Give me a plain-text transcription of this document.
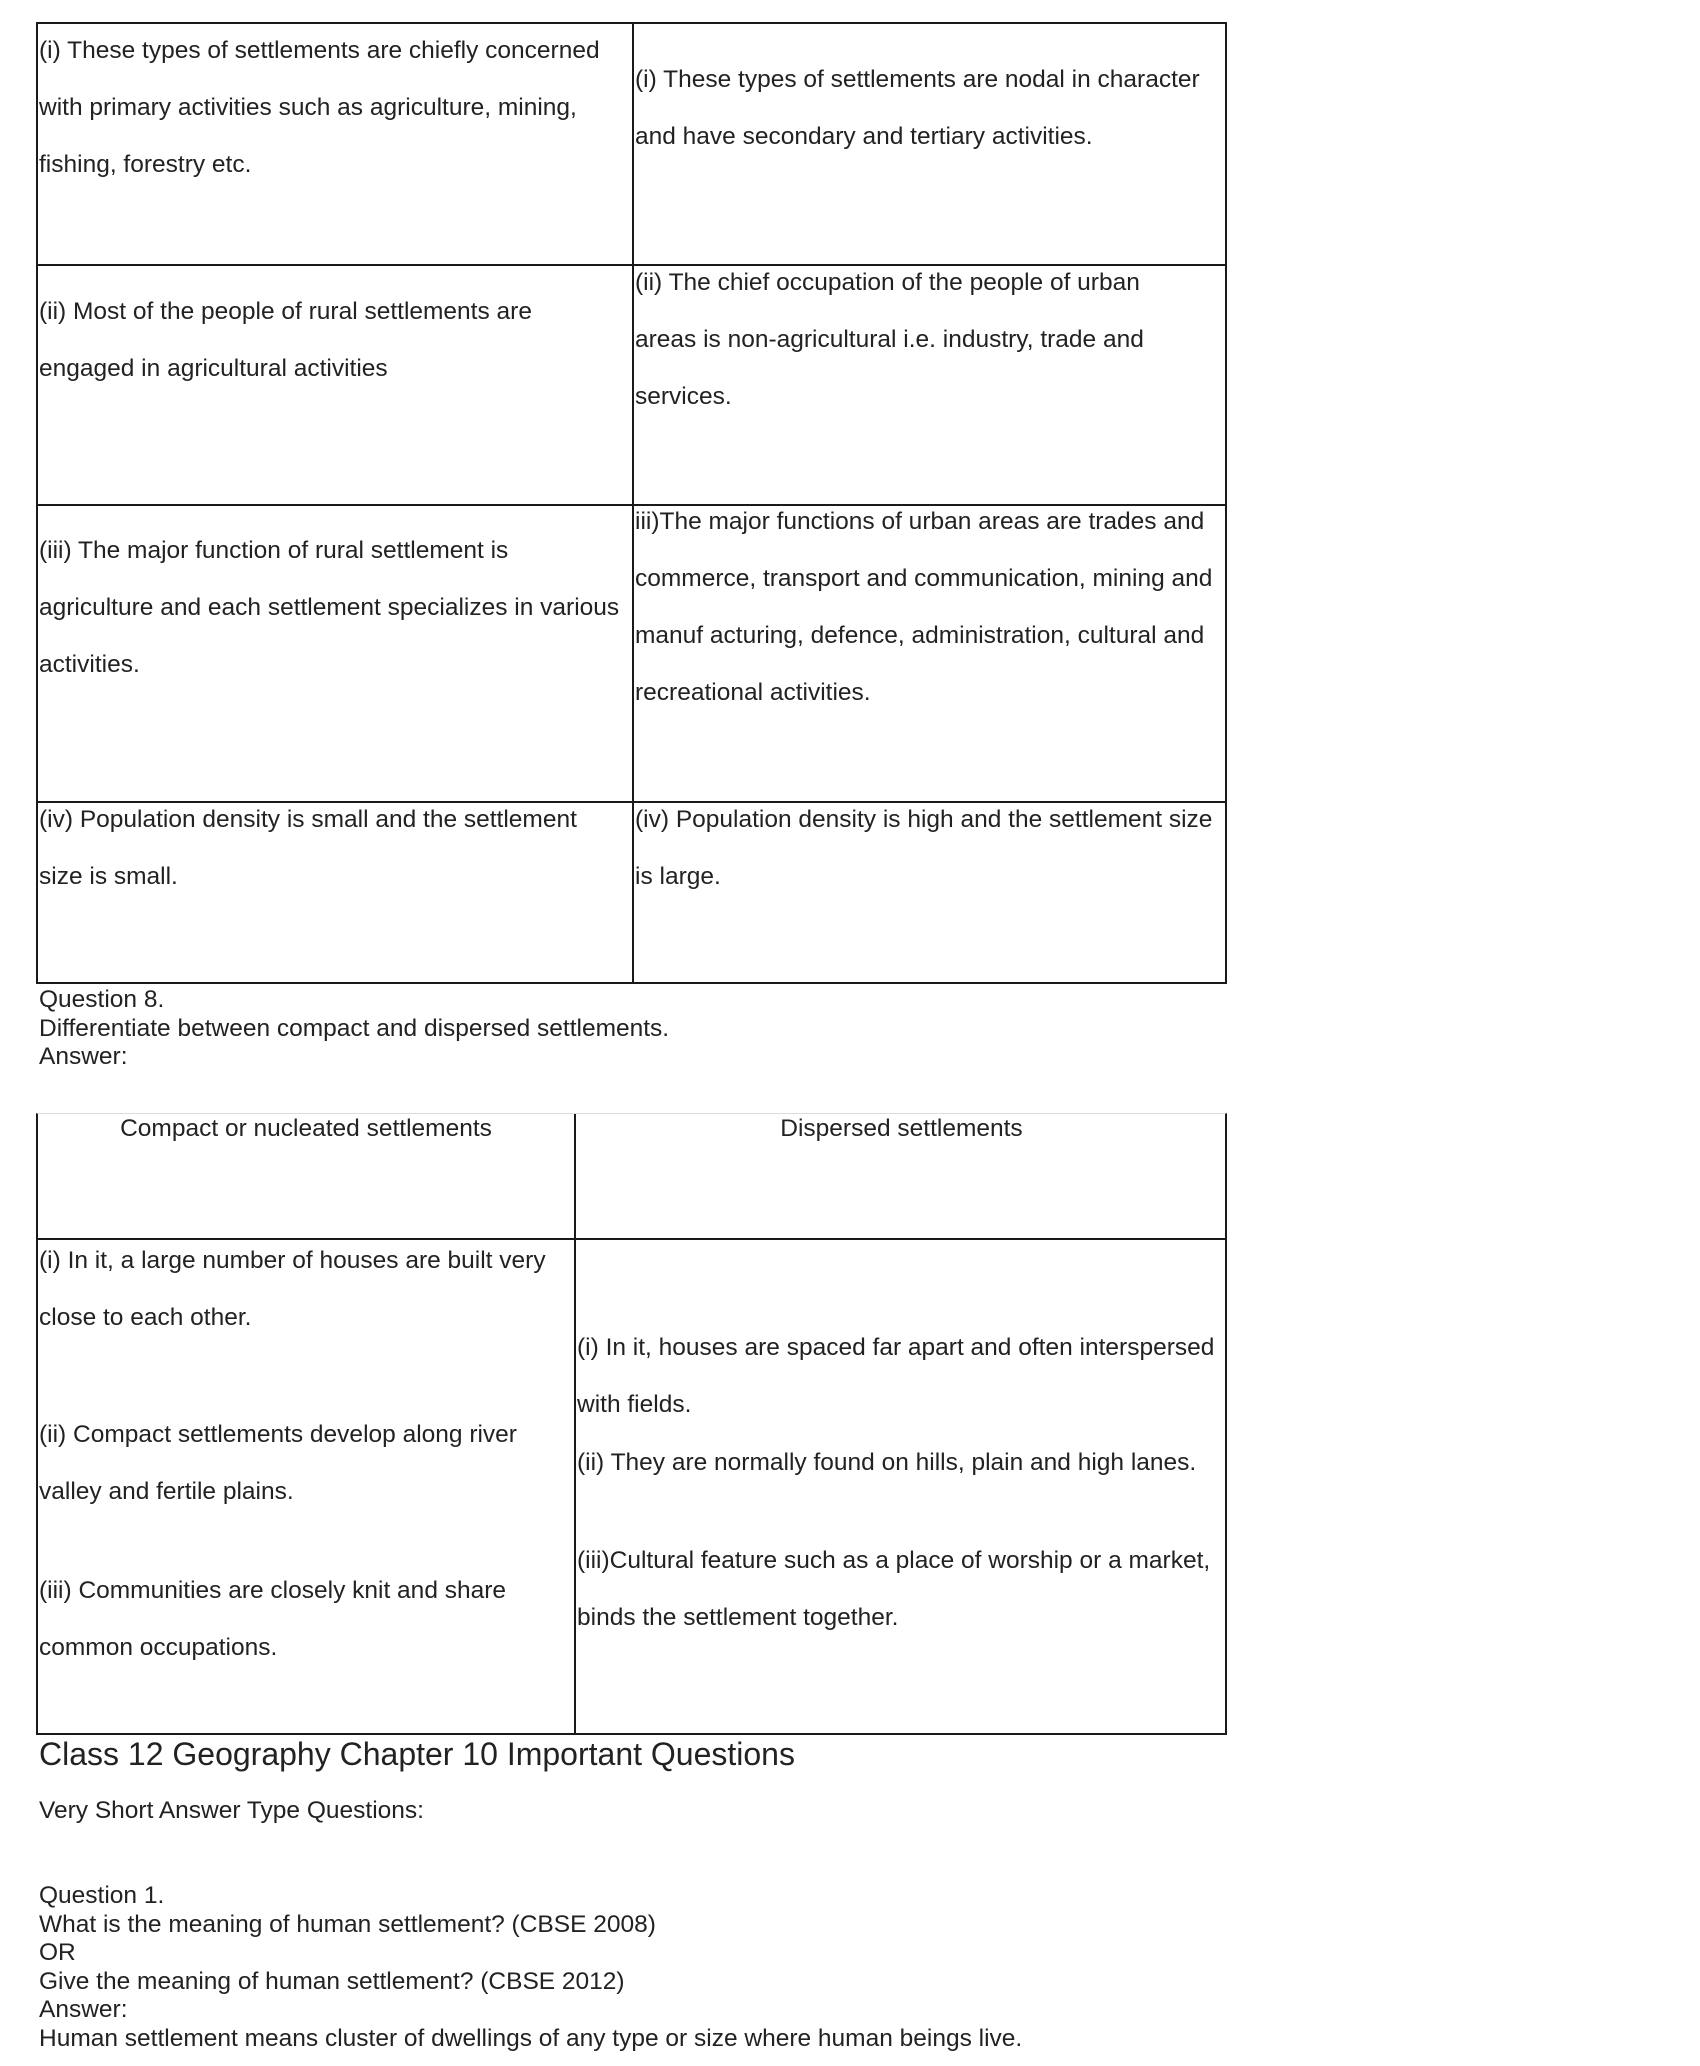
(i) These types of settlements are chiefly concerned
with primary activities such as agriculture, mining,
fishing, forestry etc.
(i) These types of settlements are nodal in character
and have secondary and tertiary activities.
(ii) Most of the people of rural settlements are
engaged in agricultural activities
(ii) The chief occupation of the people of urban
areas is non-agricultural i.e. industry, trade and
services.
(iii) The major function of rural settlement is
agriculture and each settlement specializes in various
activities.
iii)The major functions of urban areas are trades and
commerce, transport and communication, mining and
manuf acturing, defence, administration, cultural and
recreational activities.
(iv) Population density is small and the settlement
size is small.
(iv) Population density is high and the settlement size
is large.
Question 8.
Differentiate between compact and dispersed settlements.
Answer:
Compact or nucleated settlements	Dispersed settlements
(i) In it, a large number of houses are built very
close to each other.
(ii) Compact settlements develop along river
valley and fertile plains.
(iii) Communities are closely knit and share
common occupations.
(i) In it, houses are spaced far apart and often interspersed
with fields.
(ii) They are normally found on hills, plain and high lanes.
(iii)Cultural feature such as a place of worship or a market,
binds the settlement together.
Class 12 Geography Chapter 10 Important Questions
Very Short Answer Type Questions:
Question 1.
What is the meaning of human settlement? (CBSE 2008)
OR
Give the meaning of human settlement? (CBSE 2012)
Answer:
Human settlement means cluster of dwellings of any type or size where human beings live.
